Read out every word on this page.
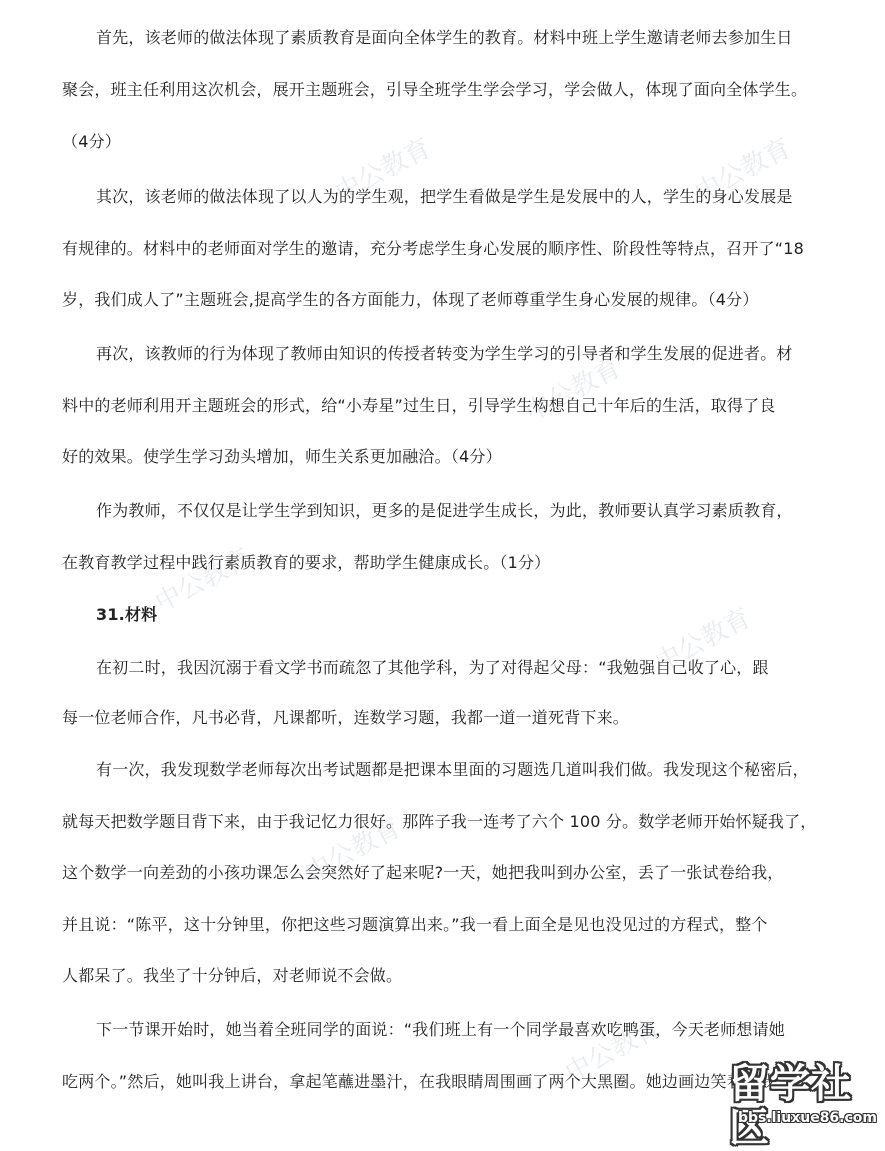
中公教育	中公教育
中公教育
中公教育
中公教育
中公教育
中公教育
首先，该老师的做法体现了素质教育是面向全体学生的教育。材料中班上学生邀请老师去参加生日
聚会，班主任利用这次机会，展开主题班会，引导全班学生学会学习，学会做人，体现了面向全体学生。
（4分）
其次，该老师的做法体现了以人为的学生观，把学生看做是学生是发展中的人，学生的身心发展是
有规律的。材料中的老师面对学生的邀请，充分考虑学生身心发展的顺序性、阶段性等特点，召开了“18
岁，我们成人了”主题班会,提高学生的各方面能力，体现了老师尊重学生身心发展的规律。（4分）
再次，该教师的行为体现了教师由知识的传授者转变为学生学习的引导者和学生发展的促进者。材
料中的老师利用开主题班会的形式，给“小寿星”过生日，引导学生构想自己十年后的生活，取得了良
好的效果。使学生学习劲头增加，师生关系更加融洽。（4分）
作为教师，不仅仅是让学生学到知识，更多的是促进学生成长，为此，教师要认真学习素质教育，
在教育教学过程中践行素质教育的要求，帮助学生健康成长。（1分）
31.材料
在初二时，我因沉溺于看文学书而疏忽了其他学科，为了对得起父母：“我勉强自己收了心，跟
每一位老师合作，凡书必背，凡课都听，连数学习题，我都一道一道死背下来。
有一次，我发现数学老师每次出考试题都是把课本里面的习题选几道叫我们做。我发现这个秘密后，
就每天把数学题目背下来，由于我记忆力很好。那阵子我一连考了六个 100 分。数学老师开始怀疑我了，
这个数学一向差劲的小孩功课怎么会突然好了起来呢?一天，她把我叫到办公室，丢了一张试卷给我，
并且说：“陈平，这十分钟里，你把这些习题演算出来。”我一看上面全是见也没见过的方程式，整个
人都呆了。我坐了十分钟后，对老师说不会做。
下一节课开始时，她当着全班同学的面说：“我们班上有一个同学最喜欢吃鸭蛋，今天老师想请她
吃两个。”然后，她叫我上讲台，拿起笔蘸进墨汁，在我眼睛周围画了两个大黑圈。她边画边笑着对我
留学社区
bbs.liuxue86.com
